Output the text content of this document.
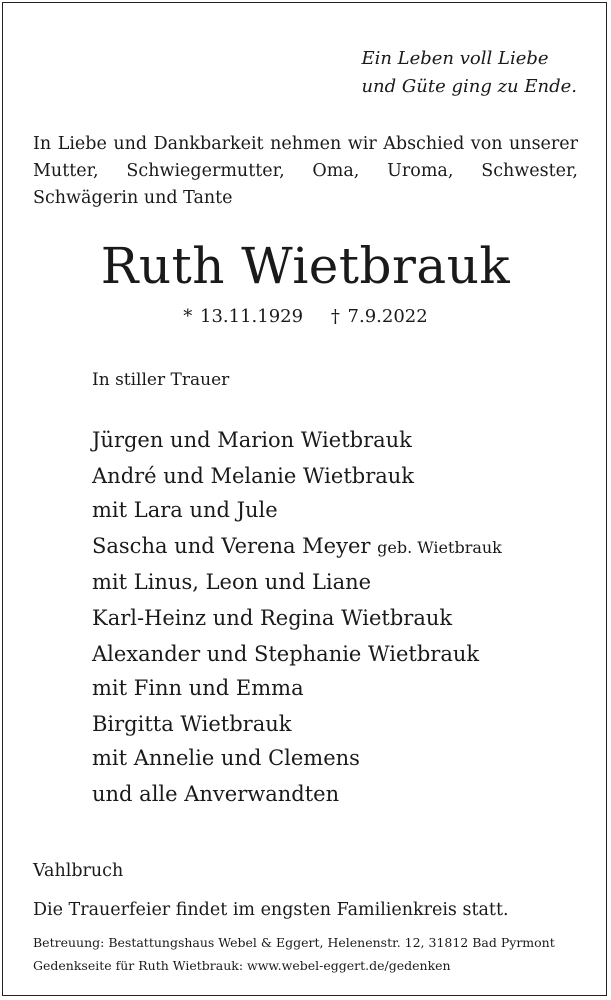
Ein Leben voll Liebe
und Güte ging zu Ende.
In Liebe und Dankbarkeit nehmen wir Abschied von unserer Mutter, Schwiegermutter, Oma, Uroma, Schwester, Schwägerin und Tante
Ruth Wietbrauk
* 13.11.1929 † 7.9.2022
In stiller Trauer
Jürgen und Marion Wietbrauk
André und Melanie Wietbrauk
mit Lara und Jule
Sascha und Verena Meyer geb. Wietbrauk
mit Linus, Leon und Liane
Karl-Heinz und Regina Wietbrauk
Alexander und Stephanie Wietbrauk
mit Finn und Emma
Birgitta Wietbrauk
mit Annelie und Clemens
und alle Anverwandten
Vahlbruch
Die Trauerfeier findet im engsten Familienkreis statt.
Betreuung: Bestattungshaus Webel & Eggert, Helenenstr. 12, 31812 Bad Pyrmont
Gedenkseite für Ruth Wietbrauk: www.webel-eggert.de/gedenken
